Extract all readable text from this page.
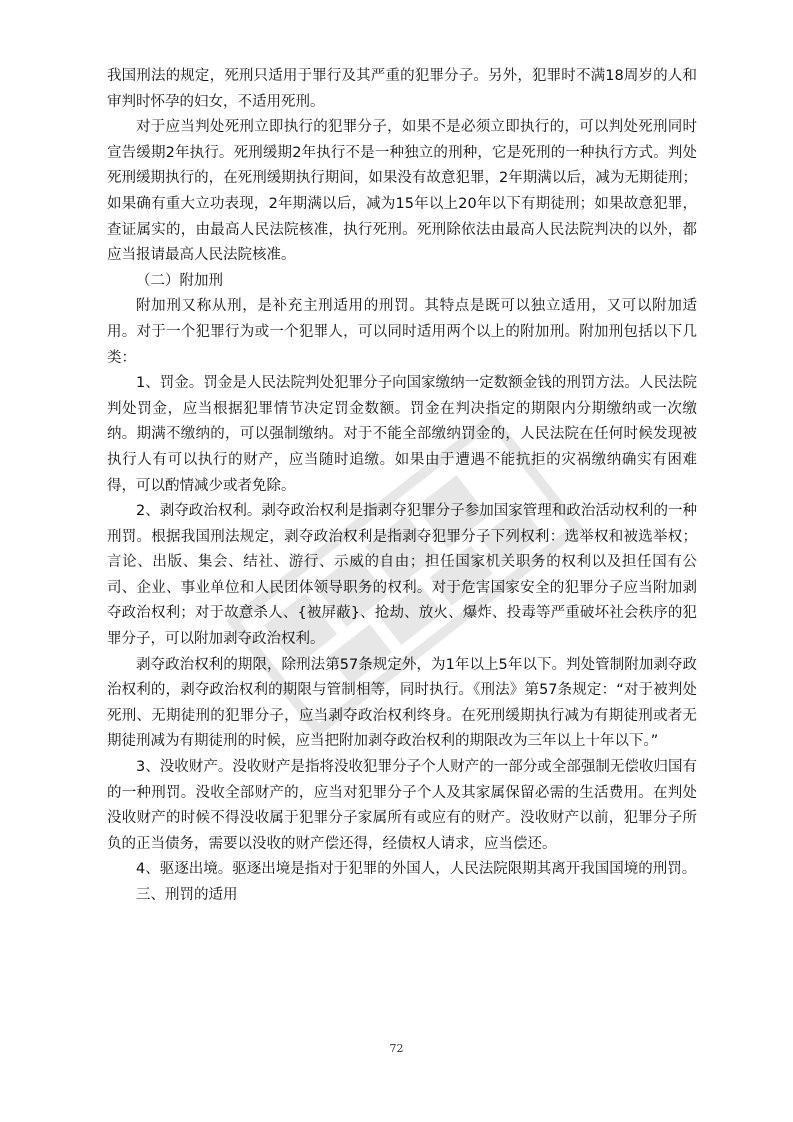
我国刑法的规定，死刑只适用于罪行及其严重的犯罪分子。另外，犯罪时不满18周岁的人和审判时怀孕的妇女，不适用死刑。

对于应当判处死刑立即执行的犯罪分子，如果不是必须立即执行的，可以判处死刑同时宣告缓期2年执行。死刑缓期2年执行不是一种独立的刑种，它是死刑的一种执行方式。判处死刑缓期执行的，在死刑缓期执行期间，如果没有故意犯罪，2年期满以后，减为无期徒刑；如果确有重大立功表现，2年期满以后，减为15年以上20年以下有期徒刑；如果故意犯罪，查证属实的，由最高人民法院核准，执行死刑。死刑除依法由最高人民法院判决的以外，都应当报请最高人民法院核准。

（二）附加刑

附加刑又称从刑，是补充主刑适用的刑罚。其特点是既可以独立适用，又可以附加适用。对于一个犯罪行为或一个犯罪人，可以同时适用两个以上的附加刑。附加刑包括以下几类：

1、罚金。罚金是人民法院判处犯罪分子向国家缴纳一定数额金钱的刑罚方法。人民法院判处罚金，应当根据犯罪情节决定罚金数额。罚金在判决指定的期限内分期缴纳或一次缴纳。期满不缴纳的，可以强制缴纳。对于不能全部缴纳罚金的，人民法院在任何时候发现被执行人有可以执行的财产，应当随时追缴。如果由于遭遇不能抗拒的灾祸缴纳确实有困难得，可以酌情减少或者免除。

2、剥夺政治权利。剥夺政治权利是指剥夺犯罪分子参加国家管理和政治活动权利的一种刑罚。根据我国刑法规定，剥夺政治权利是指剥夺犯罪分子下列权利：选举权和被选举权；言论、出版、集会、结社、游行、示威的自由；担任国家机关职务的权利以及担任国有公司、企业、事业单位和人民团体领导职务的权利。对于危害国家安全的犯罪分子应当附加剥夺政治权利；对于故意杀人、{被屏蔽}、抢劫、放火、爆炸、投毒等严重破坏社会秩序的犯罪分子，可以附加剥夺政治权利。

剥夺政治权利的期限，除刑法第57条规定外，为1年以上5年以下。判处管制附加剥夺政治权利的，剥夺政治权利的期限与管制相等，同时执行。《刑法》第57条规定：“对于被判处死刑、无期徒刑的犯罪分子，应当剥夺政治权利终身。在死刑缓期执行减为有期徒刑或者无期徒刑减为有期徒刑的时候，应当把附加剥夺政治权利的期限改为三年以上十年以下。”

3、没收财产。没收财产是指将没收犯罪分子个人财产的一部分或全部强制无偿收归国有的一种刑罚。没收全部财产的，应当对犯罪分子个人及其家属保留必需的生活费用。在判处没收财产的时候不得没收属于犯罪分子家属所有或应有的财产。没收财产以前，犯罪分子所负的正当债务，需要以没收的财产偿还得，经债权人请求，应当偿还。

4、驱逐出境。驱逐出境是指对于犯罪的外国人，人民法院限期其离开我国国境的刑罚。

三、刑罚的适用

72
